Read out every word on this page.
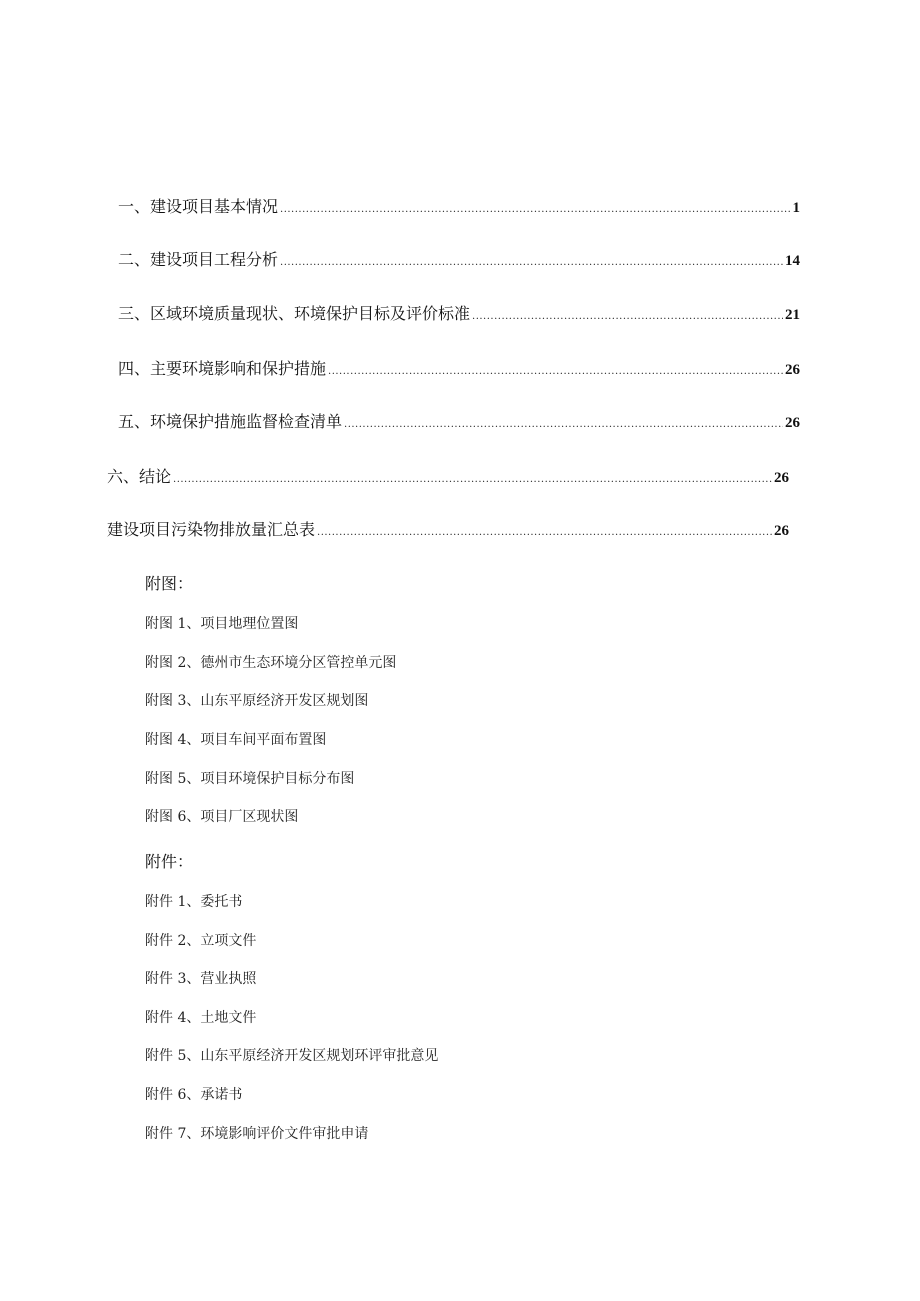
一、建设项目基本情况 .....	1
二、建设项目工程分析 .....	14
三、区域环境质量现状、环境保护目标及评价标准 .....	21
四、主要环境影响和保护措施 .....	26
五、环境保护措施监督检查清单 .....	26
六、结论 .....	26
建设项目污染物排放量汇总表 .....	26
附图：
附图 1、项目地理位置图
附图 2、德州市生态环境分区管控单元图
附图 3、山东平原经济开发区规划图
附图 4、项目车间平面布置图
附图 5、项目环境保护目标分布图
附图 6、项目厂区现状图
附件：
附件 1、委托书
附件 2、立项文件
附件 3、营业执照
附件 4、土地文件
附件 5、山东平原经济开发区规划环评审批意见
附件 6、承诺书
附件 7、环境影响评价文件审批申请
